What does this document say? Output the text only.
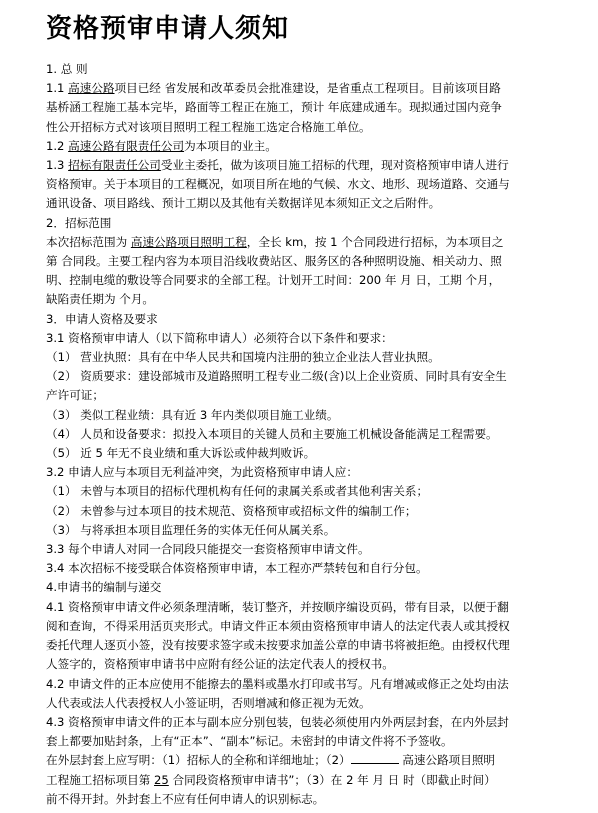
资格预审申请人须知
1. 总 则
1.1 高速公路项目已经 省发展和改革委员会批准建设，是省重点工程项目。目前该项目路
基桥涵工程施工基本完毕，路面等工程正在施工，预计 年底建成通车。现拟通过国内竞争
性公开招标方式对该项目照明工程工程施工选定合格施工单位。
1.2 高速公路有限责任公司为本项目的业主。
1.3 招标有限责任公司受业主委托，做为该项目施工招标的代理，现对资格预审申请人进行
资格预审。关于本项目的工程概况，如项目所在地的气候、水文、地形、现场道路、交通与
通讯设备、项目路线、预计工期以及其他有关数据详见本须知正文之后附件。
2．招标范围
本次招标范围为 高速公路项目照明工程，全长 km，按 1 个合同段进行招标，为本项目之
第 合同段。主要工程内容为本项目沿线收费站区、服务区的各种照明设施、相关动力、照
明、控制电缆的敷设等合同要求的全部工程。计划开工时间：200 年 月 日，工期 个月，
缺陷责任期为 个月。
3．申请人资格及要求
3.1 资格预审申请人（以下简称申请人）必须符合以下条件和要求：
（1） 营业执照：具有在中华人民共和国境内注册的独立企业法人营业执照。
（2） 资质要求：建设部城市及道路照明工程专业二级(含)以上企业资质、同时具有安全生
产许可证；
（3） 类似工程业绩：具有近 3 年内类似项目施工业绩。
（4） 人员和设备要求：拟投入本项目的关键人员和主要施工机械设备能满足工程需要。
（5） 近 5 年无不良业绩和重大诉讼或仲裁判败诉。
3.2 申请人应与本项目无利益冲突，为此资格预审申请人应：
（1） 未曾与本项目的招标代理机构有任何的隶属关系或者其他利害关系；
（2） 未曾参与过本项目的技术规范、资格预审或招标文件的编制工作；
（3） 与将承担本项目监理任务的实体无任何从属关系。
3.3 每个申请人对同一合同段只能提交一套资格预审申请文件。
3.4 本次招标不接受联合体资格预审申请，本工程亦严禁转包和自行分包。
4.申请书的编制与递交
4.1 资格预审申请文件必须条理清晰，装订整齐，并按顺序编设页码，带有目录，以便于翻
阅和查询，不得采用活页夹形式。申请文件正本须由资格预审申请人的法定代表人或其授权
委托代理人逐页小签，没有按要求签字或未按要求加盖公章的申请书将被拒绝。由授权代理
人签字的，资格预审申请书中应附有经公证的法定代表人的授权书。
4.2 申请文件的正本应使用不能擦去的墨料或墨水打印或书写。凡有增减或修正之处均由法
人代表或法人代表授权人小签证明，否则增减和修正视为无效。
4.3 资格预审申请文件的正本与副本应分别包装，包装必须使用内外两层封套，在内外层封
套上都要加贴封条，上有“正本”、“副本”标记。未密封的申请文件将不予签收。
在外层封套上应写明：（1）招标人的全称和详细地址；（2）	高速公路项目照明
工程施工招标项目第 25 合同段资格预审申请书”；（3）在 2 年 月 日 时（即截止时间）
前不得开封。外封套上不应有任何申请人的识别标志。
